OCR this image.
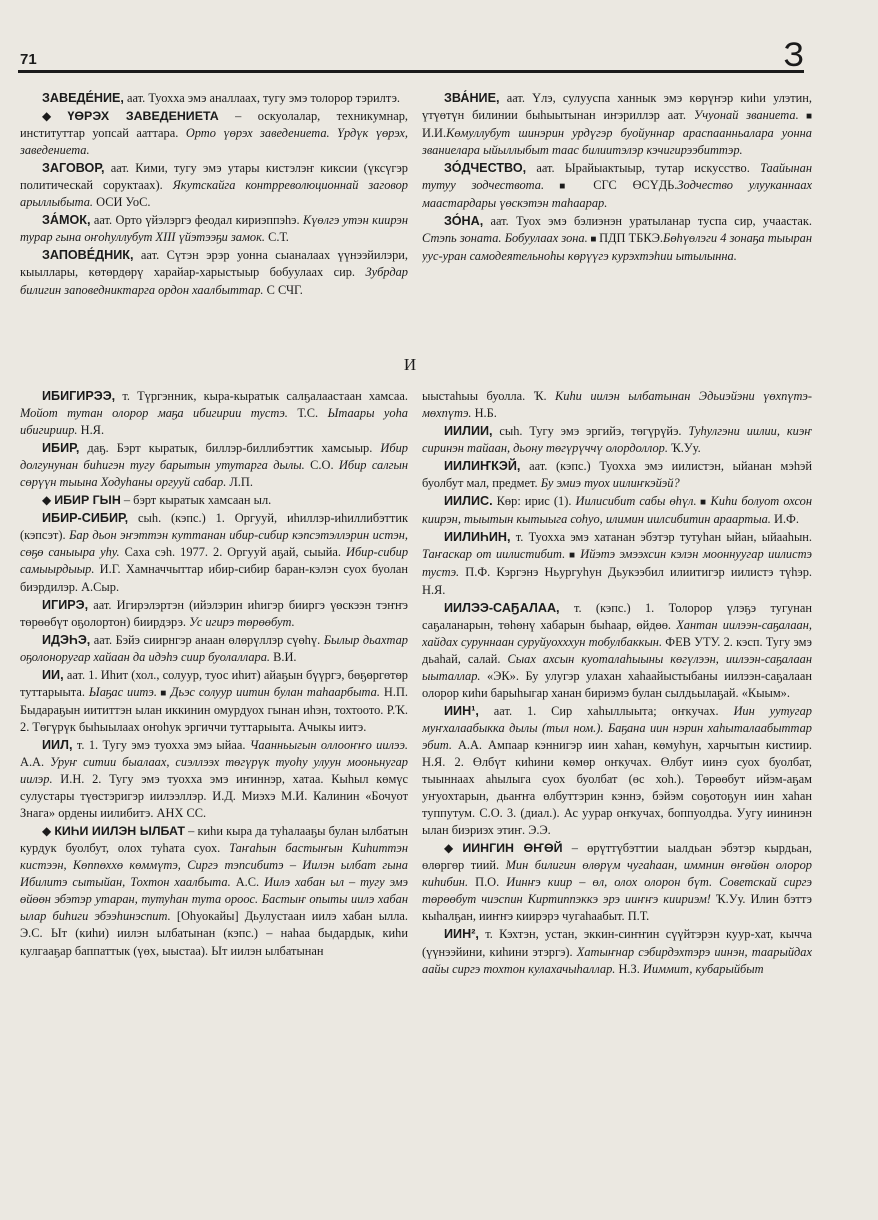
71	З

ЗАВЕДЕ́НИЕ, аат. Туохха эмэ аналлаах, тугу эмэ толорор тэрилтэ.

◆ ҮӨРЭХ ЗАВЕДЕНИЕТА – оскуолалар, техникумнар, институттар уопсай ааттара. Орто үөрэх заведениета. Үрдүк үөрэх, заведениета.

ЗАГОВОР, аат. Кими, тугу эмэ утары кистэлэҥ киксии (үксүгэр политическай соруктаах). Якутскайга контрреволюционнай заговор арыллыбыта. ОСИ УоС.

ЗА́МОК, аат. Орто үйэлэргэ феодал кириэппэһэ. Күөлгэ утэн киирэн турар гына оҥоһуллубут XIII үйэтээҕи замок. С.Т.

ЗАПОВЕ́ДНИК, аат. Сүтэн эрэр уонна сыаналаах үүнээйилэри, кыыллары, көтөрдөрү харайар-харыстыыр бобуулаах сир. Зубрдар билигин заповедниктарга ордон хаалбыттар. С СЧГ.

ЗВА́НИЕ, аат. Үлэ, сулууспа ханнык эмэ көрүҥэр киһи улэтин, үтүөтүн билинии быһыытынан иҥэриллэр аат. Учуонай званиета. ■ И.И.Көмуллубут шинэрин урдүгэр буойуннар араспаанньалара уонна званиелара ыйыллыбыт таас билиитэлэр кэчигирээбиттэр.

ЗО́ДЧЕСТВО, аат. Ырайыактыыр, тутар искусство. Таайынан тутуу зодчествота. ■ СГС ӨСҮДЬ.Зодчество улууканнаах маастардары үөскэтэн таһаарар.

ЗО́НА, аат. Туох эмэ бэлиэнэн уратыланар туспа сир, учаастак. Стэпь зоната. Бобуулаах зона. ■ ПДП ТБКЭ.Бөһүөлэги 4 зонаҕа тыыран уус-уран самодеятельноһы көрүүгэ курэхтэһии ытылынна.

И

ИБИГИРЭЭ, т. Түргэнник, кыра-кыратык салҕалаастаан хамсаа. Мойот тутан олорор маҕа ибигирии тустэ. Т.С. Ытаары уоһа ибигириир. Н.Я.

ИБИР, даҕ. Бэрт кыратык, биллэр-биллибэттик хамсыыр. Ибир долгунунан биһигэн тугу барытын утутарга дылы. С.О. Ибир салгын сөрүүн тыына Ходуһаны оргууй сабар. Л.П.

◆ ИБИР ГЫН – бэрт кыратык хамсаан ыл.

ИБИР-СИБИР, сыһ. (кэпс.) 1. Оргууй, иһиллэр-иһиллибэттик (кэпсэт). Бар дьон эҥэттэн куттанан ибир-сибир кэпсэтэллэрин истэн, сөҕө саныыра уһу. Саха сэһ. 1977. 2. Оргууй аҕай, сыыйа. Ибир-сибир самыырдыыр. И.Г. Хамначчыттар ибир-сибир баран-кэлэн суох буолан биэрдилэр. А.Сыр.

ИГИРЭ, аат. Игирэлэртэн (ийэлэрин иһигэр бииргэ үөскээн тэҥҥэ төрөөбүт оҕолортон) биирдэрэ. Ус игирэ төрөөбут.

ИДЭҺЭ, аат. Бэйэ сиирнгэр анаан өлөрүллэр сүөһү. Былыр дьахтар оҕолоноругар хайаан да идэһэ сиир буолаллара. В.И.

ИИ, аат. 1. Иһит (хол., солуур, туос иһит) айаҕын бүүргэ, бөҕөргөтөр туттарыыта. Ыаҕас иитэ. ■ Дьэс солуур иитин булан таһаарбыта. Н.П. Быдараҕын иититтэн ылан иккинин омурдуох гынан иһэн, тохтоото. Р.Ҡ. 2. Төгүрүк быһыылаах оҥоһук эргиччи туттарыыта. Ачыкы иитэ.

ИИЛ, т. 1. Тугу эмэ туохха эмэ ыйаа. Чаанньыгын оллооҥҥо иилээ. А.А. Уруҥ ситии быалаах, сиэллээх төгүрүк туоһу улуун мооньнугар иилэр. И.Н. 2. Тугу эмэ туохха эмэ иҥиннэр, хатаа. Кыһыл көмүс сулустары түөстэригэр иилээллэр. И.Д. Миэхэ М.И. Калинин «Бочуот Знага» ордены иилибитэ. АНХ СС.

◆ КИҺИ ИИЛЭН ЫЛБАТ – киһи кыра да туһалааҕы булан ылбатын курдук буолбут, олох туһата суох. Таҥаһын бастыҥын Киһиттэн кистээн, Көппөххө көммүтэ, Сиргэ тэпсибитэ – Иилэн ылбат гына Ибилитэ сытыйан, Тохтон хаалбыта. А.С. Иилэ хабан ыл – тугу эмэ өйөөн эбэтэр утаран, тутуһан тута ороос. Бастыҥ опыты иилэ хабан ылар биһиги эбээһинэспит. [Оһуокайы] Дьулустаан иилэ хабан ылла. Э.С. Ыт (киһи) иилэн ылбатынан (кэпс.) – наһаа быдардык, киһи кулгааҕар баппаттык (үөх, ыыстаа). Ыт иилэн ылбатынан

ыыстаһыы буолла. Ҡ. Киһи иилэн ылбатынан Эдьиэйэни үөхпүтэ-мөхпүтэ. Н.Б.

ИИЛИИ, сыһ. Тугу эмэ эргийэ, төгүрүйэ. Туһулгэни иилии, киэҥ сиринэн тайаан, дьону төгүрүччү олордоллор. Ҡ.Уу.

ИИЛИҤКЭЙ, аат. (кэпс.) Туохха эмэ иилистэн, ыйанан мэһэй буолбут мал, предмет. Бу эмиэ туох иилиҥкэйэй?

ИИЛИС. Көр: ирис (1). Иилисибит сабы өһүл. ■ Киһи болуот охсон киирэн, тыытын кытыыга соһуо, илимин иилсибитин араартыа. И.Ф.

ИИЛИҺИН, т. Туохха эмэ хатанан эбэтэр тутуһан ыйан, ыйааһын. Таҥаскар от иилистибит. ■ Ийэтэ эмээхсин кэлэн мооннуугар иилистэ тустэ. П.Ф. Кэргэнэ Ньургуһун Дьукээбил илиитигэр иилистэ түһэр. Н.Я.

ИИЛЭЭ-САҔАЛАА, т. (кэпс.) 1. Толорор үлэҕэ тугунан саҕаланарын, төһөнү хабарын быһаар, өйдөө. Хантан иилээн-саҕалаан, хайдах суруннаан суруйуохххун тобулбаккын. ФЕВ УТУ. 2. кэсп. Тугу эмэ дьаһай, салай. Сыах ахсын куоталаһыыны көгүлээн, иилээн-саҕалаан ыыталлар. «ЭК». Бу улугэр улахан хаһаайыстыбаны иилээн-саҕалаан олорор киһи барыһыгар ханан бириэмэ булан сылдьылаҕай. «Кыым».

ИИН¹, аат. 1. Сир хаһыллыыта; оҥкучах. Иин уутугар муҥхалаабыкка дылы (тыл ном.). Баҕана иин нэрин хаһыталаабыттар эбит. А.А. Ампаар кэннигэр иин хаһан, көмуһун, харчытын кистиир. Н.Я. 2. Өлбүт киһини көмөр оҥкучах. Өлбут иинэ суох буолбат, тыыннаах аһылыга суох буолбат (өс хоһ.). Төрөөбут ийэм-аҕам уҥуохтарын, дьаҥҥа өлбуттэрин кэннэ, бэйэм соҕотоҕун иин хаһан туппутум. С.О. 3. (диал.). Ас уурар оҥкучах, боппуолдьа. Уугу иининэн ылан биэриэх этиҥ. Э.Э.

◆ ИИНГИН ӨҤӨЙ – өрүттүбэттии ыалдьан эбэтэр кырдьан, өлөргөр тиий. Мин билигин өлөрүм чугаһаан, иммнин өҥөйөн олорор киһибин. П.О. Иинҥэ киир – өл, олох олорон бүт. Советскай сиргэ төрөөбут чиэспин Киртиппэккэ эрэ ииҥҥэ киириэм! Ҡ.Уу. Илин бэттэ кыһалҕан, ииҥҥэ киирэрэ чугаһаабыт. П.Т.

ИИН², т. Кэхтэн, устан, эккин-сиҥҥин сүүйтэрэн куур-хат, кычча (үүнээйини, киһини этэргэ). Хатыҥнар сэбирдэхтэрэ иинэн, таарыйдах аайы сиргэ тохтон кулахачыһаллар. Н.З. Ииммит, кубарыйбыт
